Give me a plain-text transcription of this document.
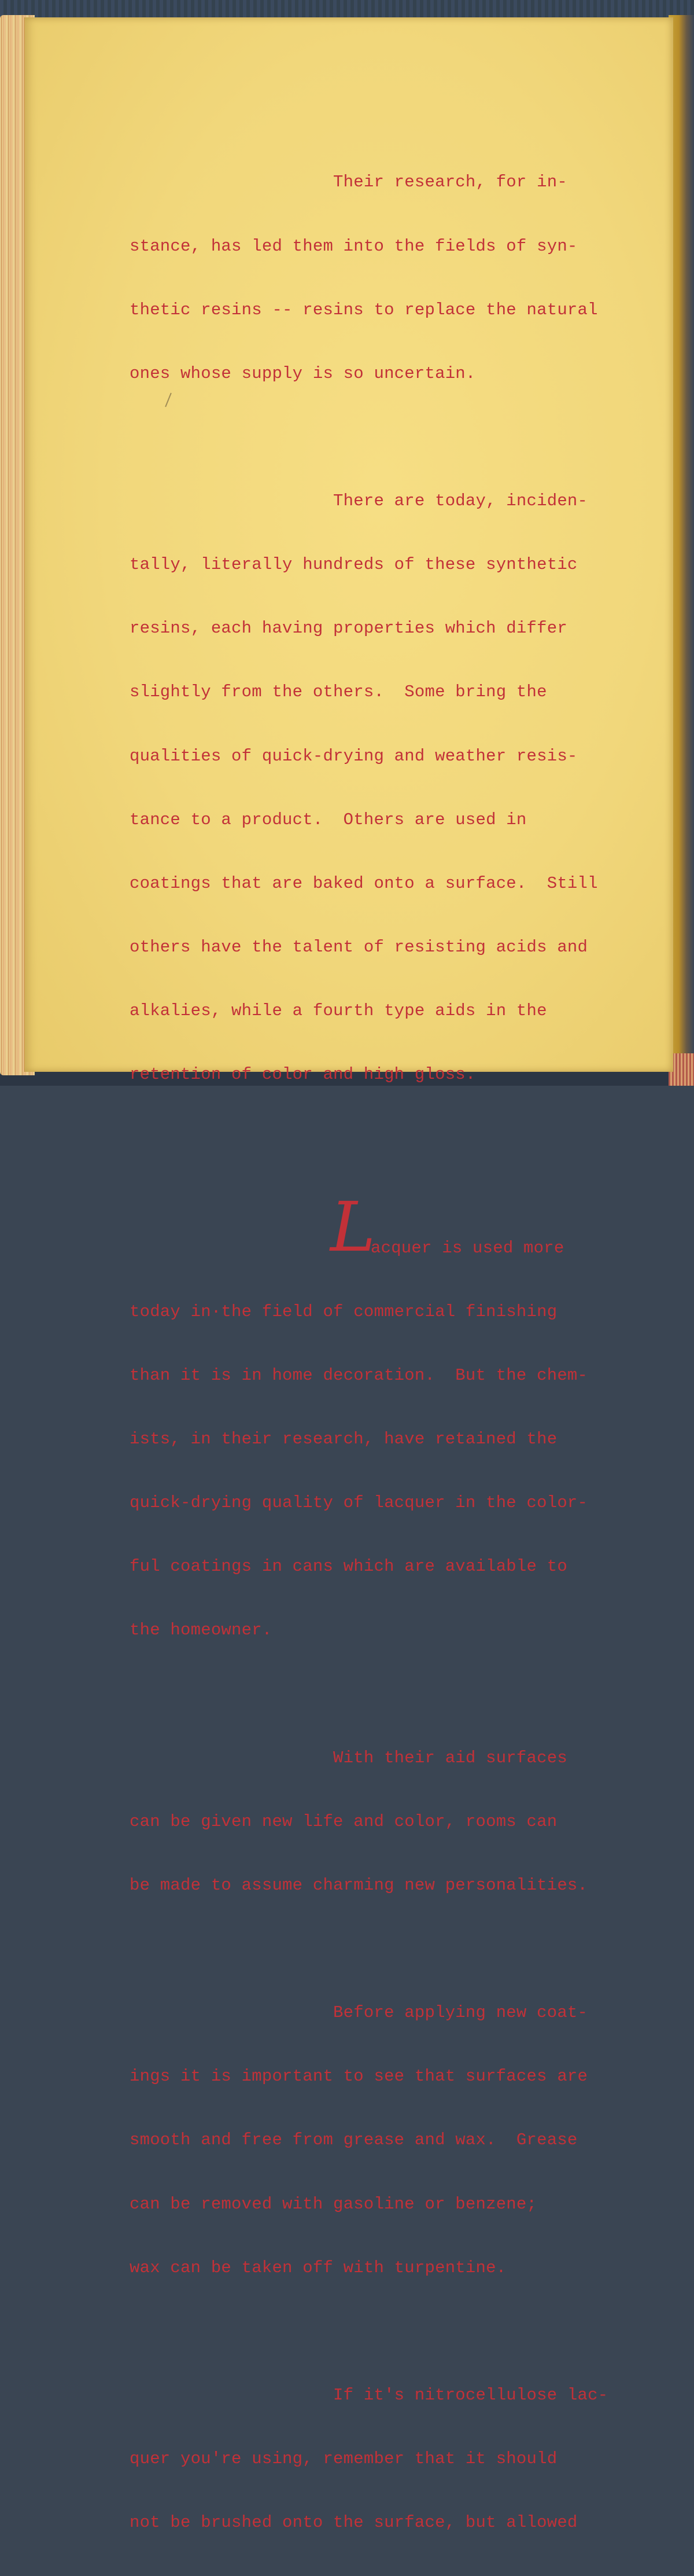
Their research, for in-

stance, has led them into the fields of syn-

thetic resins -- resins to replace the natural

ones whose supply is so uncertain.

There are today, inciden-

tally, literally hundreds of these synthetic

resins, each having properties which differ

slightly from the others.  Some bring the

qualities of quick-drying and weather resis-

tance to a product.  Others are used in

coatings that are baked onto a surface.  Still

others have the talent of resisting acids and

alkalies, while a fourth type aids in the

retention of color and high gloss.

L

acquer is used more

today in·the field of commercial finishing

than it is in home decoration.  But the chem-

ists, in their research, have retained the

quick-drying quality of lacquer in the color-

ful coatings in cans which are available to

the homeowner.

With their aid surfaces

can be given new life and color, rooms can

be made to assume charming new personalities.

Before applying new coat-

ings it is important to see that surfaces are

smooth and free from grease and wax.  Grease

can be removed with gasoline or benzene;

wax can be taken off with turpentine.

If it's nitrocellulose lac-

quer you're using, remember that it should

not be brushed onto the surface, but allowed
